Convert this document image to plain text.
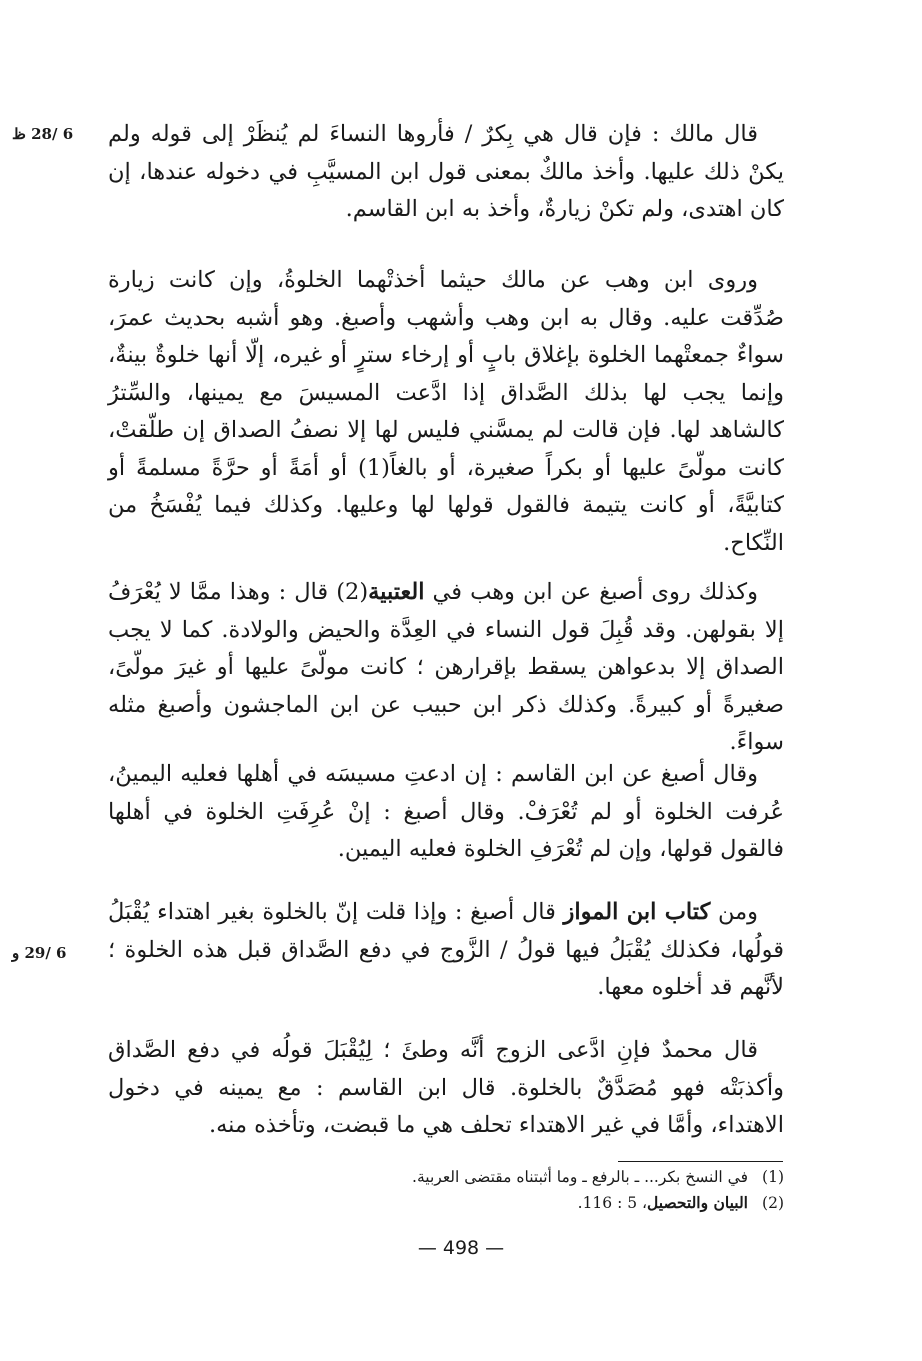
6 /28 ظ
6 /29 و

قال مالك : فإن قال هي بِكرٌ / فأروها النساءَ لم يُنظَرْ إلى قوله ولم يكنْ ذلك عليها. وأخذ مالكٌ بمعنى قول ابن المسيَّبِ في دخوله عندها، إن كان اهتدى، ولم تكنْ زيارةٌ، وأخذ به ابن القاسم.

وروى ابن وهب عن مالك حيثما أخذتْهما الخلوةُ، وإن كانت زيارة صُدِّقت عليه. وقال به ابن وهب وأشهب وأصبغ. وهو أشبه بحديث عمرَ، سواءٌ جمعتْهما الخلوة بإغلاق بابٍ أو إرخاء سترٍ أو غيره، إلّا أنها خلوةٌ بينةٌ، وإنما يجب لها بذلك الصَّداق إذا ادَّعت المسيسَ مع يمينها، والسِّترُ كالشاهد لها. فإن قالت لم يمسَّني فليس لها إلا نصفُ الصداق إن طلّقتْ، كانت مولّىً عليها أو بكراً صغيرة، أو بالغاً(1) أو أمَةً أو حرَّةً مسلمةً أو كتابيَّةً، أو كانت يتيمة فالقول قولها لها وعليها. وكذلك فيما يُفْسَخُ من النِّكاح.

وكذلك روى أصبغ عن ابن وهب في العتبية(2) قال : وهذا ممَّا لا يُعْرَفُ إلا بقولهن. وقد قُبِلَ قول النساء في العِدَّة والحيض والولادة. كما لا يجب الصداق إلا بدعواهن يسقط بإقرارهن ؛ كانت مولّىً عليها أو غيرَ مولّىً، صغيرةً أو كبيرةً. وكذلك ذكر ابن حبيب عن ابن الماجشون وأصبغ مثله سواءً.

وقال أصبغ عن ابن القاسم : إن ادعتِ مسيسَه في أهلها فعليه اليمينُ، عُرفت الخلوة أو لم تُعْرَفْ. وقال أصبغ : إنْ عُرِفَتِ الخلوة في أهلها فالقول قولها، وإن لم تُعْرَفِ الخلوة فعليه اليمين.

ومن كتاب ابن المواز قال أصبغ : وإذا قلت إنّ بالخلوة بغير اهتداء يُقْبَلُ قولُها، فكذلك يُقْبَلُ فيها قولُ / الزَّوج في دفع الصَّداق قبل هذه الخلوة ؛ لأنَّهم قد أخلوه معها.

قال محمدٌ فإنِ ادَّعى الزوج أنَّه وطئَ ؛ لِيُقْبَلَ قولُه في دفع الصَّداق وأكذبَتْه فهو مُصَدَّقٌ بالخلوة. قال ابن القاسم : مع يمينه في دخول الاهتداء، وأمَّا في غير الاهتداء تحلف هي ما قبضت، وتأخذه منه.

(1)في النسخ بكر... ـ بالرفع ـ وما أثبتناه مقتضى العربية.
(2)البيان والتحصيل، 5 : 116.
— 498 —
